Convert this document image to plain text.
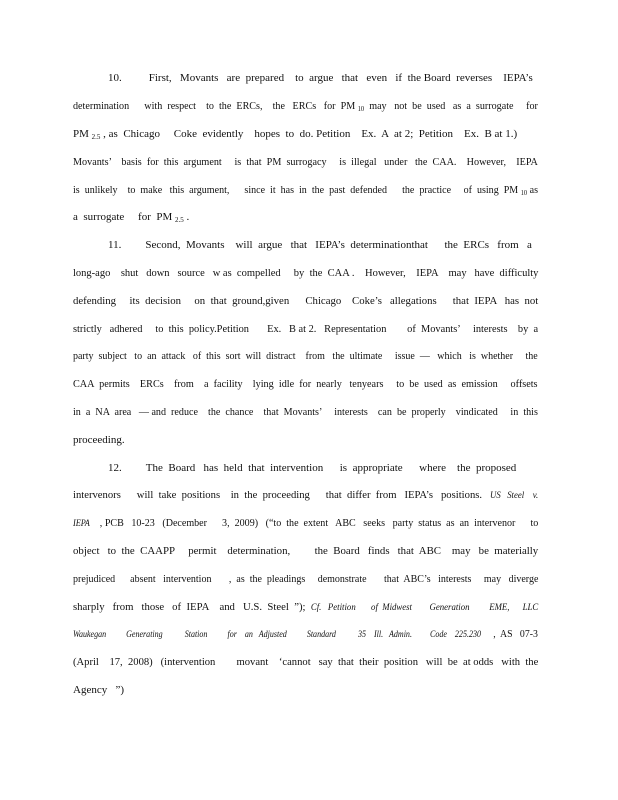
10. First,   Movants   are  prepared    to  argue   that   even   if  the Board  reverses    IEPA’s
determination      with  respect    to  the  ERCs,    the   ERCs   for  PM $_{10}$  may   not  be  used   as  a  surrogate     for
PM $_{2.5}$ , as  Chicago     Coke  evidently    hopes  to  do. Petition    Ex.  A  at 2;  Petition    Ex.  B at 1.)
Movants’    basis  for  this  argument     is  that  PM  surrogacy     is  illegal   under   the  CAA.    However,    IEPA
is  unlikely    to  make   this  argument,      since  it  has  in  the  past  defended      the  practice     of  using  PM $_{10}$ as
a  surrogate     for  PM $_{2.5}$ .
11. Second,  Movants    will  argue   that   IEPA’s  determinationthat      the  ERCs   from   a
long-ago    shut   down   source   w as  compelled     by  the  CAA .    However,    IEPA    may   have  difficulty
defending     its  decision     on  that  ground,given      Chicago    Coke’s   allegations      that  IEPA   has  not
strictly   adhered     to  this  policy.Petition       Ex.   B at 2.   Representation        of  Movants’     interests    by  a
party  subject   to  an  attack   of  this  sort  will  distract    from   the  ultimate     issue  —   which   is  whether     the
CAA  permits    ERCs    from    a  facility    lying  idle  for  nearly   tenyears     to  be  used  as  emission     offsets
in  a  NA  area   — and  reduce    the  chance    that  Movants’     interests    can  be  properly    vindicated     in  this
proceeding.
12. The  Board   has  held  that  intervention      is  appropriate      where    the  proposed
intervenors      will  take  positions    in  the  proceeding      that  differ  from   IEPA’s   positions.   US   Steel    v.
IEPA    , PCB   10-23   (December      3,  2009)   (“to  the  extent   ABC   seeks   party  status  as  an  intervenor      to
object   to  the  CAAPP     permit    determination,         the  Board   finds   that  ABC    may   be  materially
prejudiced      absent   intervention       ,  as  the  pleadings     demonstrate       that  ABC’s   interests     may   diverge
sharply   from   those   of  IEPA    and   U.S.  Steel  ”);  Cf.   Petition       of  Midwest        Generation         EME,      LLC
Waukegan          Generating           Station          for    an   Adjusted          Standard           35    Ill.   Admin.         Code    225.230     ,  AS   07-3
(April    17,  2008)   (intervention        movant    ‘cannot   say  that  their  position   will  be  at odds   with  the
Agency   ”)
